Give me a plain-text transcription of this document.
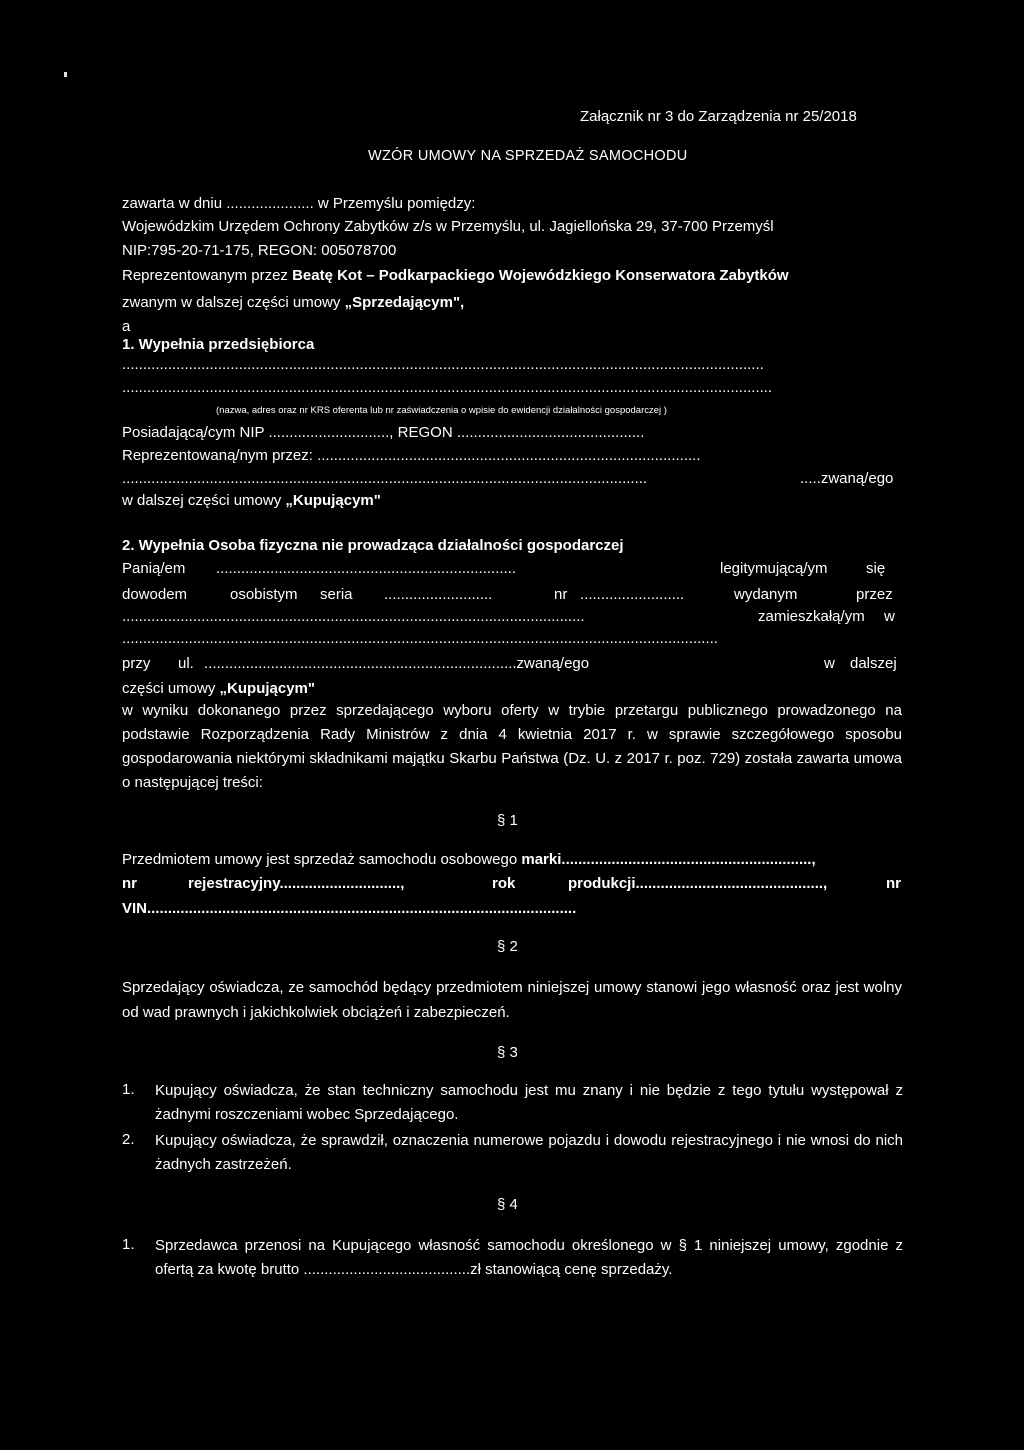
Załącznik nr 3 do Zarządzenia nr 25/2018
WZÓR UMOWY NA SPRZEDAŻ SAMOCHODU
zawarta w dniu ..................... w Przemyślu pomiędzy:
Wojewódzkim Urzędem Ochrony Zabytków z/s w Przemyślu, ul. Jagiellońska 29, 37-700 Przemyśl
NIP:795-20-71-175, REGON: 005078700
Reprezentowanym przez Beatę Kot – Podkarpackiego Wojewódzkiego Konserwatora Zabytków
zwanym w dalszej części umowy „Sprzedającym",
a
1. Wypełnia przedsiębiorca
..........................................................................................................................................................
............................................................................................................................................................
(nazwa, adres oraz nr KRS oferenta lub nr zaświadczenia o wpisie do ewidencji działalności gospodarczej )
Posiadającą/cym NIP ............................., REGON .............................................
Reprezentowaną/nym przez: ............................................................................................
..............................................................................................................................	.....zwaną/ego
w dalszej części umowy „Kupującym"
2. Wypełnia Osoba fizyczna nie prowadząca działalności gospodarczej
Panią/em ........................................................................	legitymującą/ym	się
dowodem	osobistym seria ..........................	nr .........................	wydanym	przez
...............................................................................................................	zamieszkałą/ym w
...............................................................................................................................................
przy ul. ...........................................................................zwaną/ego	w dalszej
części umowy „Kupującym"
w wyniku dokonanego przez sprzedającego wyboru oferty w trybie przetargu publicznego prowadzonego na podstawie Rozporządzenia Rady Ministrów z dnia 4 kwietnia 2017 r. w sprawie szczegółowego sposobu gospodarowania niektórymi składnikami majątku Skarbu Państwa (Dz. U. z 2017 r. poz. 729) została zawarta umowa o następującej treści:
§ 1
Przedmiotem umowy jest sprzedaż samochodu osobowego marki............................................................,
nr	rejestracyjny.............................,	rok	produkcji.............................................,	nr
VIN.......................................................................................................
§ 2
Sprzedający oświadcza, ze samochód będący przedmiotem niniejszej umowy stanowi jego własność oraz jest wolny od wad prawnych i jakichkolwiek obciążeń i zabezpieczeń.
§ 3
1. Kupujący oświadcza, że stan techniczny samochodu jest mu znany i nie będzie z tego tytułu występował z żadnymi roszczeniami wobec Sprzedającego.
2. Kupujący oświadcza, że sprawdził, oznaczenia numerowe pojazdu i dowodu rejestracyjnego i nie wnosi do nich żadnych zastrzeżeń.
§ 4
1. Sprzedawca przenosi na Kupującego własność samochodu określonego w § 1 niniejszej umowy, zgodnie z ofertą za kwotę brutto ........................................zł stanowiącą cenę sprzedaży.
